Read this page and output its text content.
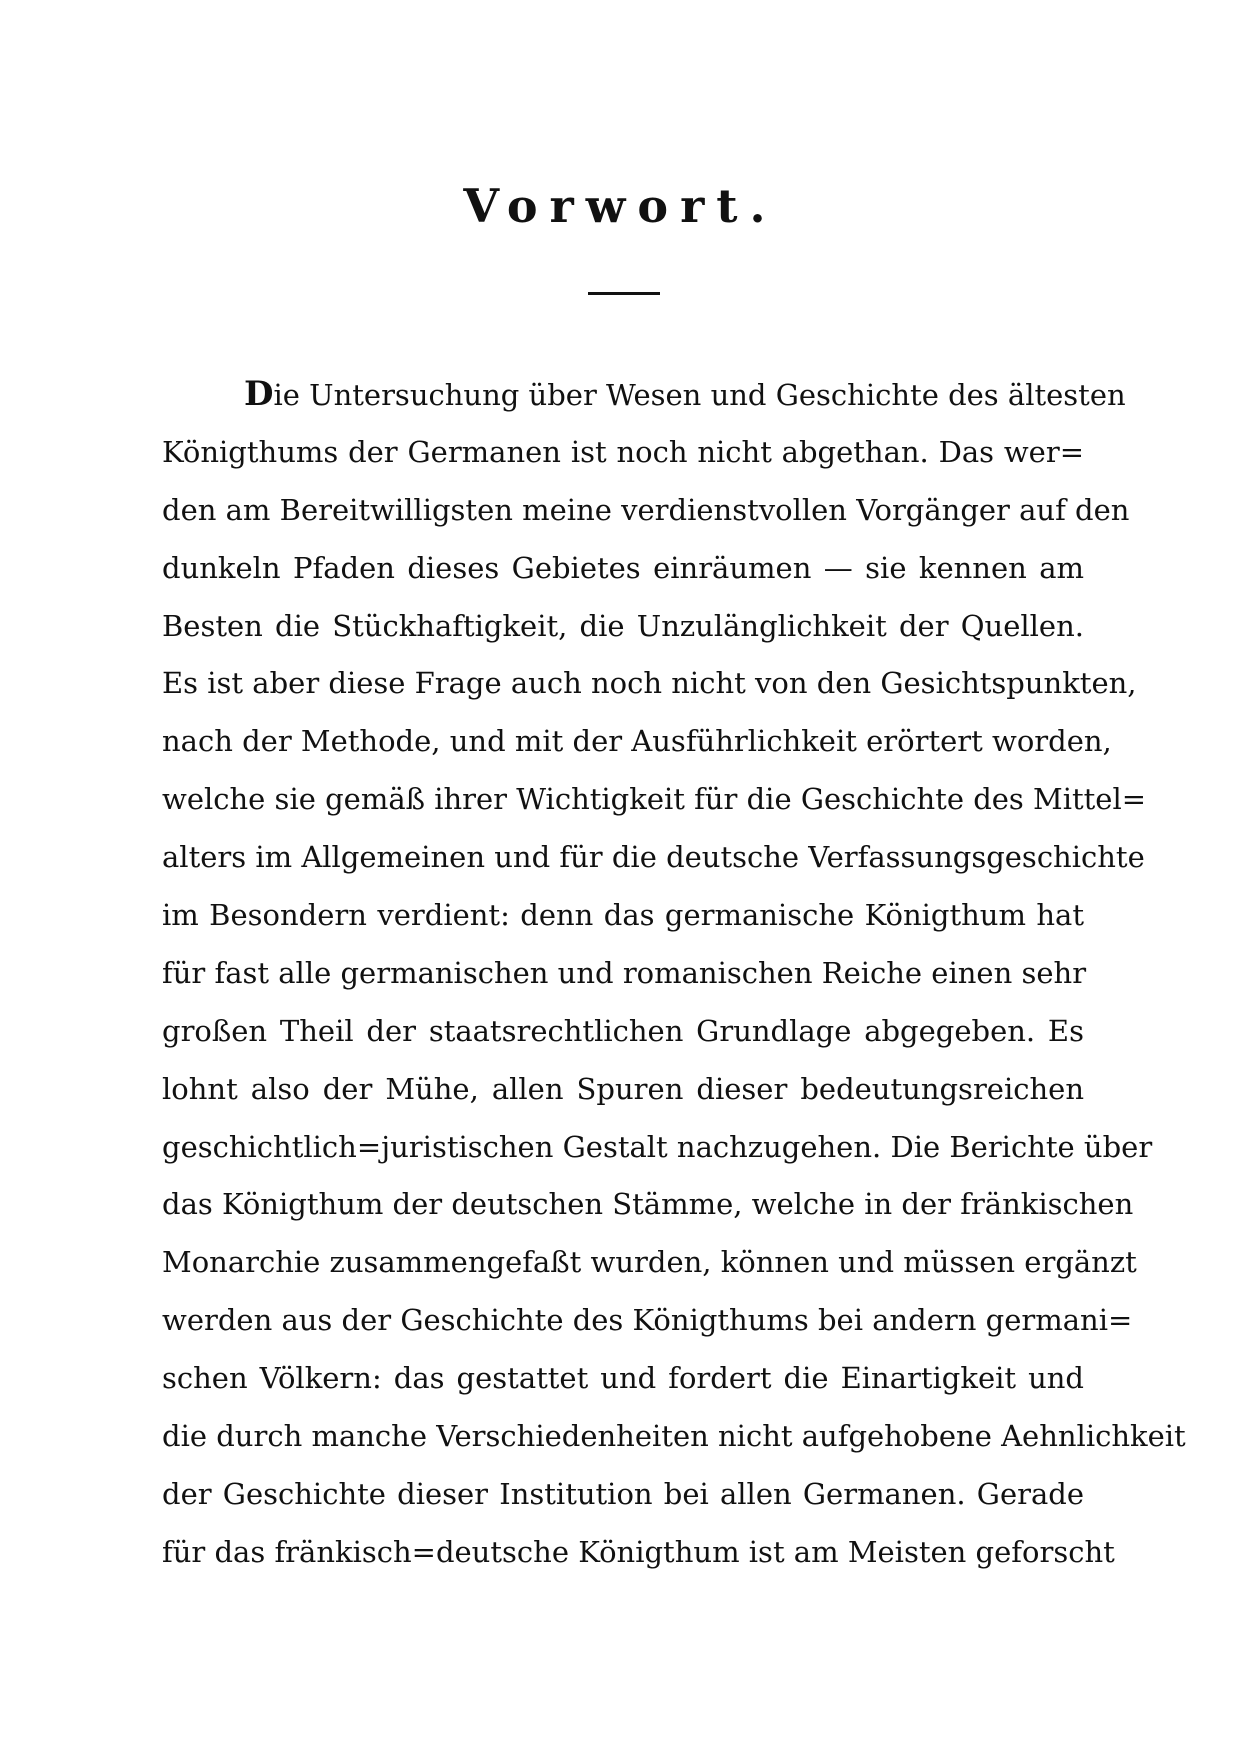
Vorwort.
Die Untersuchung über Wesen und Geschichte des ältesten
Königthums der Germanen ist noch nicht abgethan. Das wer=
den am Bereitwilligsten meine verdienstvollen Vorgänger auf den
dunkeln Pfaden dieses Gebietes einräumen — sie kennen am
Besten die Stückhaftigkeit, die Unzulänglichkeit der Quellen.
Es ist aber diese Frage auch noch nicht von den Gesichtspunkten,
nach der Methode, und mit der Ausführlichkeit erörtert worden,
welche sie gemäß ihrer Wichtigkeit für die Geschichte des Mittel=
alters im Allgemeinen und für die deutsche Verfassungsgeschichte
im Besondern verdient: denn das germanische Königthum hat
für fast alle germanischen und romanischen Reiche einen sehr
großen Theil der staatsrechtlichen Grundlage abgegeben. Es
lohnt also der Mühe, allen Spuren dieser bedeutungsreichen
geschichtlich=juristischen Gestalt nachzugehen. Die Berichte über
das Königthum der deutschen Stämme, welche in der fränkischen
Monarchie zusammengefaßt wurden, können und müssen ergänzt
werden aus der Geschichte des Königthums bei andern germani=
schen Völkern: das gestattet und fordert die Einartigkeit und
die durch manche Verschiedenheiten nicht aufgehobene Aehnlichkeit
der Geschichte dieser Institution bei allen Germanen. Gerade
für das fränkisch=deutsche Königthum ist am Meisten geforscht
